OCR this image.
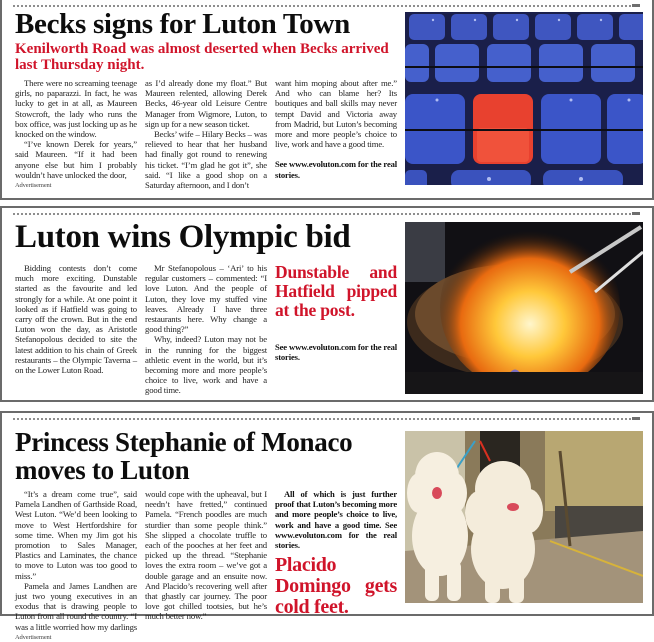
Becks signs for Luton Town
Kenilworth Road was almost deserted when Becks arrived last Thursday night.

There were no screaming teenage girls, no paparazzi. In fact, he was lucky to get in at all, as Maureen Stowcroft, the lady who runs the box office, was just locking up as he knocked on the window.

“I’ve known Derek for years,” said Maureen. “If it had been anyone else but him I probably wouldn’t have unlocked the door,

Advertisement

as I’d already done my float.” But Maureen relented, allowing Derek Becks, 46-year old Leisure Centre Manager from Wigmore, Luton, to sign up for a new season ticket.

Becks’ wife – Hilary Becks – was relieved to hear that her husband had finally got round to renewing his ticket. “I’m glad he got it”, she said. “I like a good shop on a Saturday afternoon, and I don’t

want him moping about after me.” And who can blame her? Its boutiques and ball skills may never tempt David and Victoria away from Madrid, but Luton’s becoming more and more people’s choice to live, work and have a good time.

See www.evoluton.com for the real stories.

Luton wins Olympic bid

Bidding contests don’t come much more exciting. Dunstable started as the favourite and led strongly for a while. At one point it looked as if Hatfield was going to carry off the crown. But in the end Luton won the day, as Aristotle Stefanopolous decided to site the latest addition to his chain of Greek restaurants – the Olympic Taverna – on the Lower Luton Road.

Mr Stefanopolous – ‘Ari’ to his regular customers – commented: “I love Luton. And the people of Luton, they love my stuffed vine leaves. Already I have three restaurants here. Why change a good thing?”

Why, indeed? Luton may not be in the running for the biggest athletic event in the world, but it’s becoming more and more people’s choice to live, work and have a good time.

Dunstable and Hatfield pipped at the post.

See www.evoluton.com for the real stories.

Princess Stephanie of Monaco moves to Luton

“It’s a dream come true”, said Pamela Landhen of Garthside Road, West Luton. “We’d been looking to move to West Hertfordshire for some time. When my Jim got his promotion to Sales Manager, Plastics and Laminates, the chance to move to Luton was too good to miss.”

Pamela and James Landhen are just two young executives in an exodus that is drawing people to Luton from all round the country. “I was a little worried how my darlings

Advertisement

would cope with the upheaval, but I needn’t have fretted,” continued Pamela. “French poodles are much sturdier than some people think.” She slipped a chocolate truffle to each of the pooches at her feet and picked up the thread. “Stephanie loves the extra room – we’ve got a double garage and an ensuite now. And Placido’s recovering well after that ghastly car journey. The poor love got chilled tootsies, but he’s much better now.”

All of which is just further proof that Luton’s becoming more and more people’s choice to live, work and have a good time. See www.evoluton.com for the real stories.

Placido Domingo gets cold feet.
